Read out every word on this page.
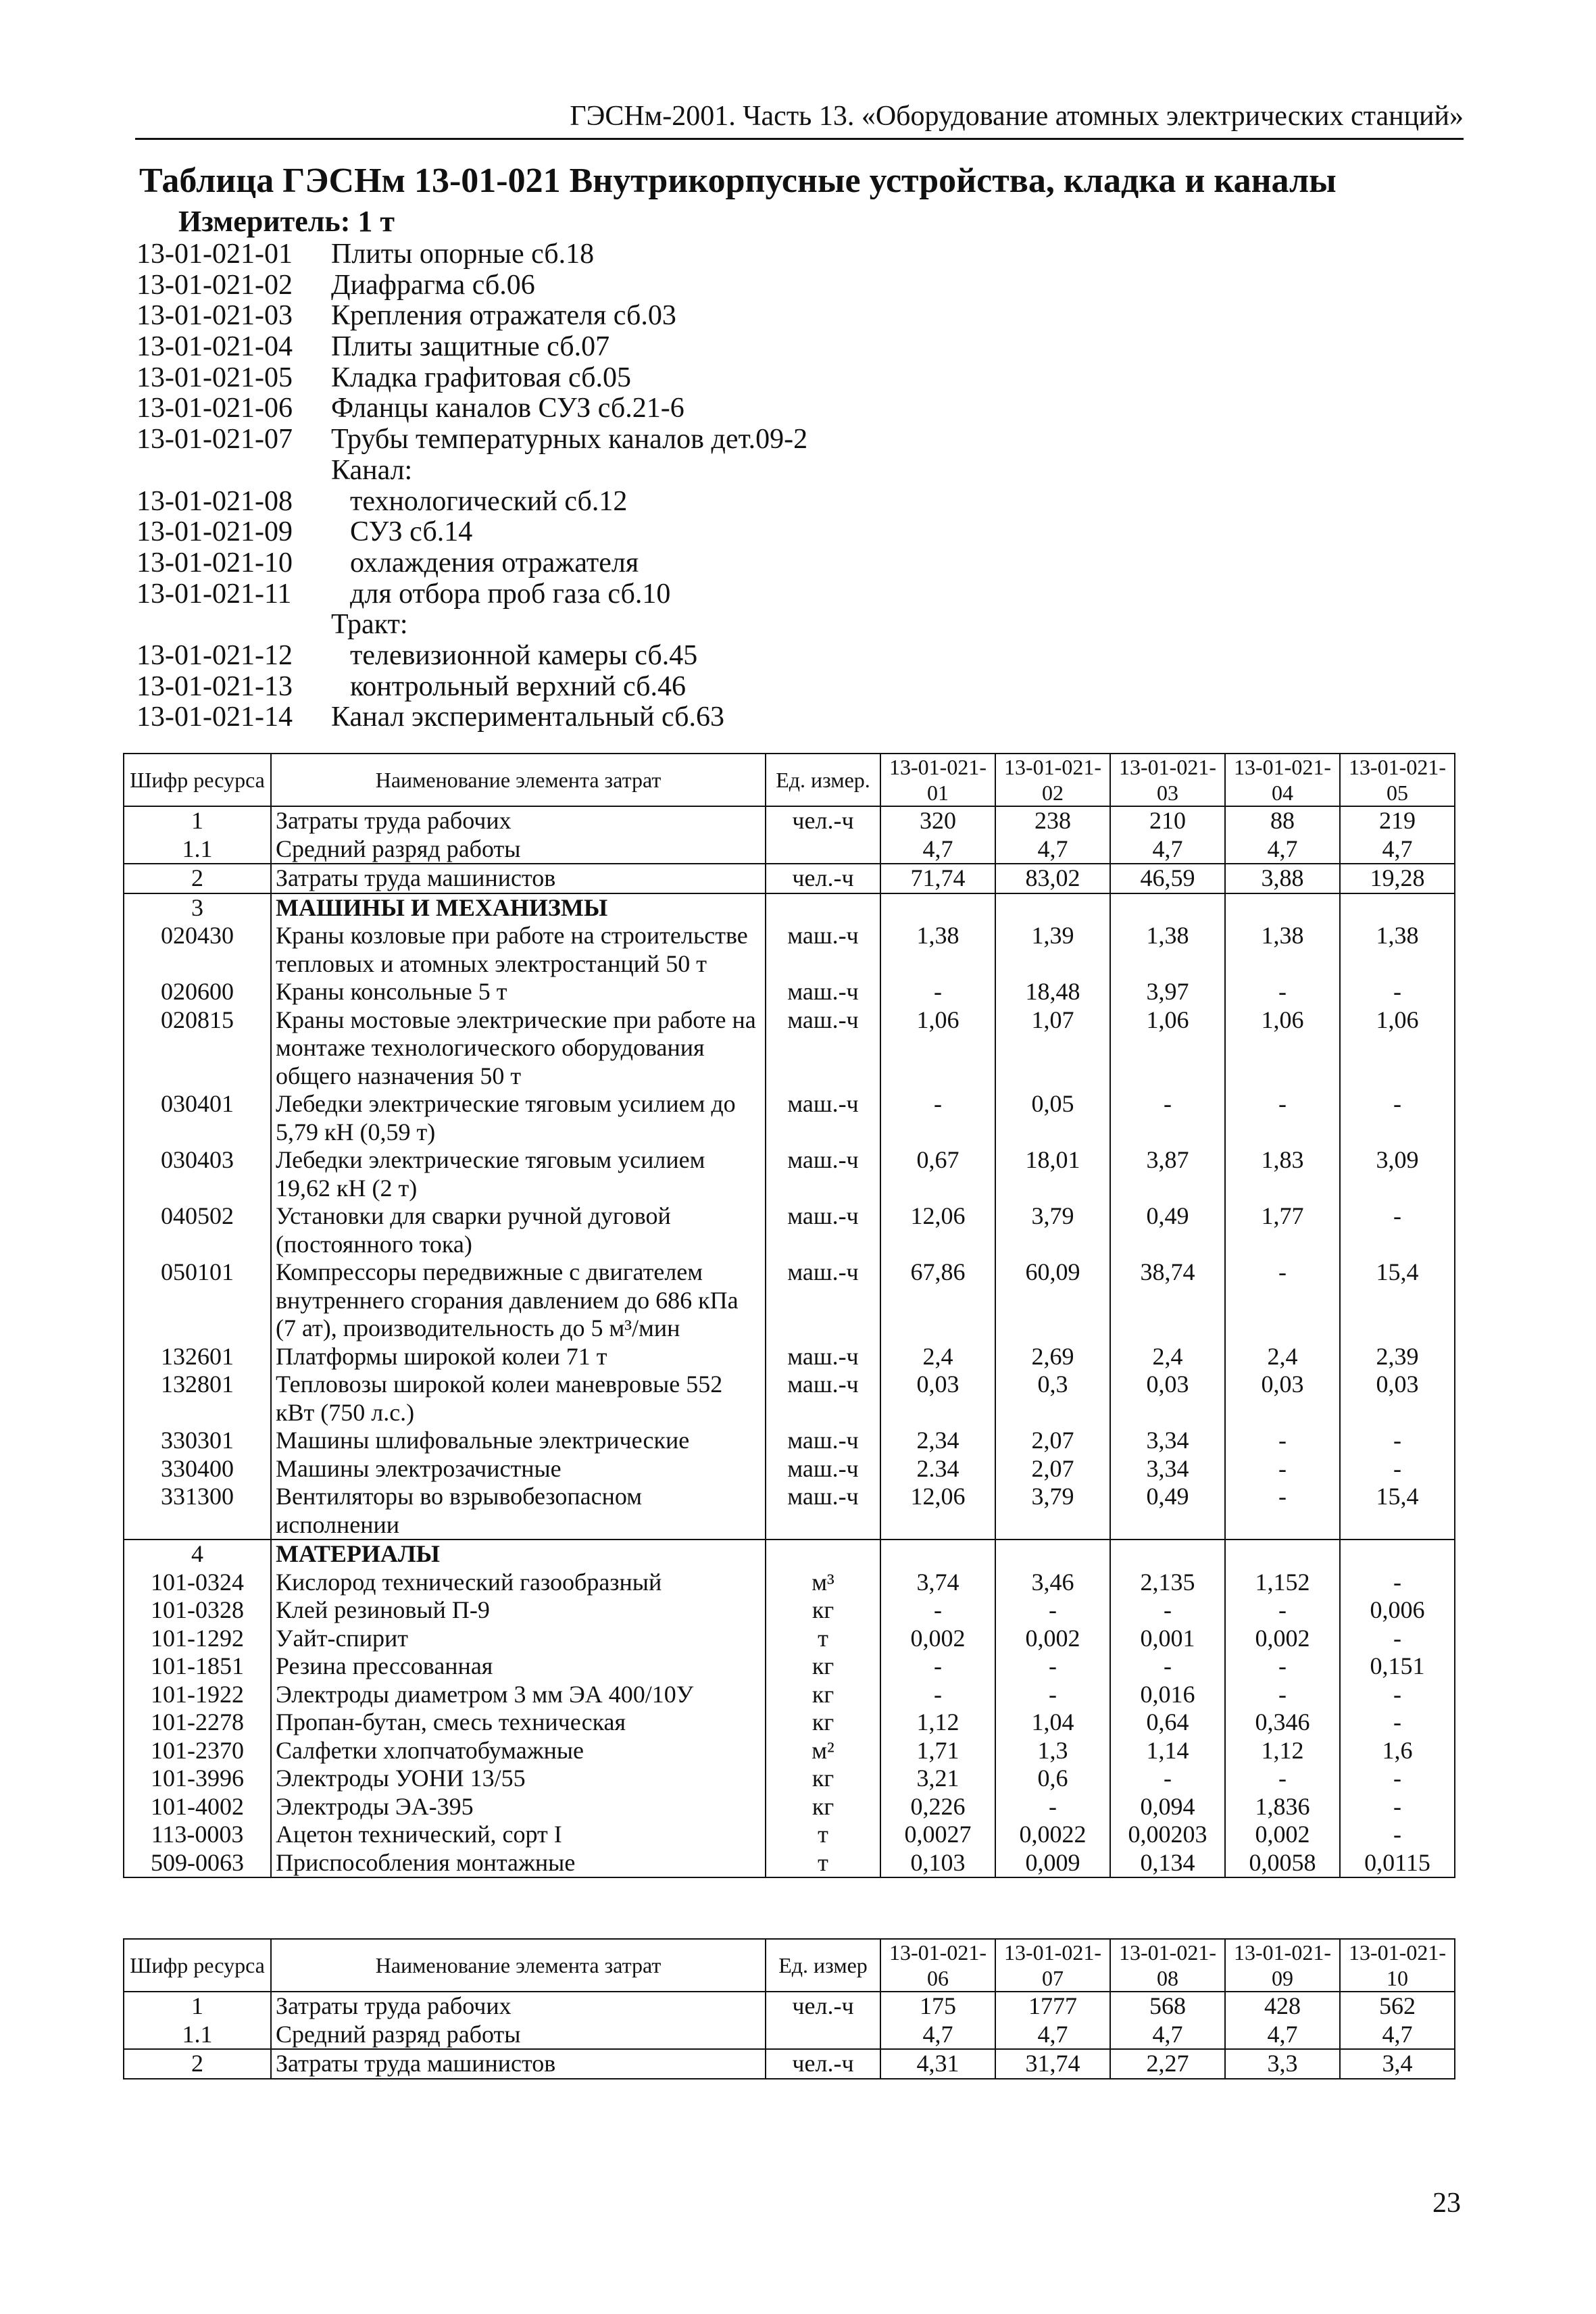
ГЭСНм-2001. Часть 13. «Оборудование атомных электрических станций»
Таблица ГЭСНм 13-01-021 Внутрикорпусные устройства, кладка и каналы
Измеритель: 1 т
13-01-021-01 Плиты опорные сб.18
13-01-021-02 Диафрагма сб.06
13-01-021-03 Крепления отражателя сб.03
13-01-021-04 Плиты защитные сб.07
13-01-021-05 Кладка графитовая сб.05
13-01-021-06 Фланцы каналов СУЗ сб.21-6
13-01-021-07 Трубы температурных каналов дет.09-2
Канал:
13-01-021-08 технологический сб.12
13-01-021-09 СУЗ сб.14
13-01-021-10 охлаждения отражателя
13-01-021-11 для отбора проб газа сб.10
Тракт:
13-01-021-12 телевизионной камеры сб.45
13-01-021-13 контрольный верхний сб.46
13-01-021-14 Канал экспериментальный сб.63
Шифр ресурса	Наименование элемента затрат	Ед. измер.	13-01-021-01	13-01-021-02	13-01-021-03	13-01-021-04	13-01-021-05
1	Затраты труда рабочих	чел.-ч	320	238	210	88	219
1.1	Средний разряд работы		4,7	4,7	4,7	4,7	4,7
2	Затраты труда машинистов	чел.-ч	71,74	83,02	46,59	3,88	19,28
3	МАШИНЫ И МЕХАНИЗМЫ						
020430	Краны козловые при работе на строительстве тепловых и атомных электростанций 50 т	маш.-ч	1,38	1,39	1,38	1,38	1,38
020600	Краны консольные 5 т	маш.-ч	-	18,48	3,97	-	-
020815	Краны мостовые электрические при работе на монтаже технологического оборудования общего назначения 50 т	маш.-ч	1,06	1,07	1,06	1,06	1,06
030401	Лебедки электрические тяговым усилием до 5,79 кН (0,59 т)	маш.-ч	-	0,05	-	-	-
030403	Лебедки электрические тяговым усилием 19,62 кН (2 т)	маш.-ч	0,67	18,01	3,87	1,83	3,09
040502	Установки для сварки ручной дуговой (постоянного тока)	маш.-ч	12,06	3,79	0,49	1,77	-
050101	Компрессоры передвижные с двигателем внутреннего сгорания давлением до 686 кПа (7 ат), производительность до 5 м³/мин	маш.-ч	67,86	60,09	38,74	-	15,4
132601	Платформы широкой колеи 71 т	маш.-ч	2,4	2,69	2,4	2,4	2,39
132801	Тепловозы широкой колеи маневровые 552 кВт (750 л.с.)	маш.-ч	0,03	0,3	0,03	0,03	0,03
330301	Машины шлифовальные электрические	маш.-ч	2,34	2,07	3,34	-	-
330400	Машины электрозачистные	маш.-ч	2.34	2,07	3,34	-	-
331300	Вентиляторы во взрывобезопасном исполнении	маш.-ч	12,06	3,79	0,49	-	15,4
4	МАТЕРИАЛЫ						
101-0324	Кислород технический газообразный	м³	3,74	3,46	2,135	1,152	-
101-0328	Клей резиновый П-9	кг	-	-	-	-	0,006
101-1292	Уайт-спирит	т	0,002	0,002	0,001	0,002	-
101-1851	Резина прессованная	кг	-	-	-	-	0,151
101-1922	Электроды диаметром 3 мм ЭА 400/10У	кг	-	-	0,016	-	-
101-2278	Пропан-бутан, смесь техническая	кг	1,12	1,04	0,64	0,346	-
101-2370	Салфетки хлопчатобумажные	м²	1,71	1,3	1,14	1,12	1,6
101-3996	Электроды УОНИ 13/55	кг	3,21	0,6	-	-	-
101-4002	Электроды ЭА-395	кг	0,226	-	0,094	1,836	-
113-0003	Ацетон технический, сорт I	т	0,0027	0,0022	0,00203	0,002	-
509-0063	Приспособления монтажные	т	0,103	0,009	0,134	0,0058	0,0115
Шифр ресурса	Наименование элемента затрат	Ед. измер	13-01-021-06	13-01-021-07	13-01-021-08	13-01-021-09	13-01-021-10
1	Затраты труда рабочих	чел.-ч	175	1777	568	428	562
1.1	Средний разряд работы		4,7	4,7	4,7	4,7	4,7
2	Затраты труда машинистов	чел.-ч	4,31	31,74	2,27	3,3	3,4
23
